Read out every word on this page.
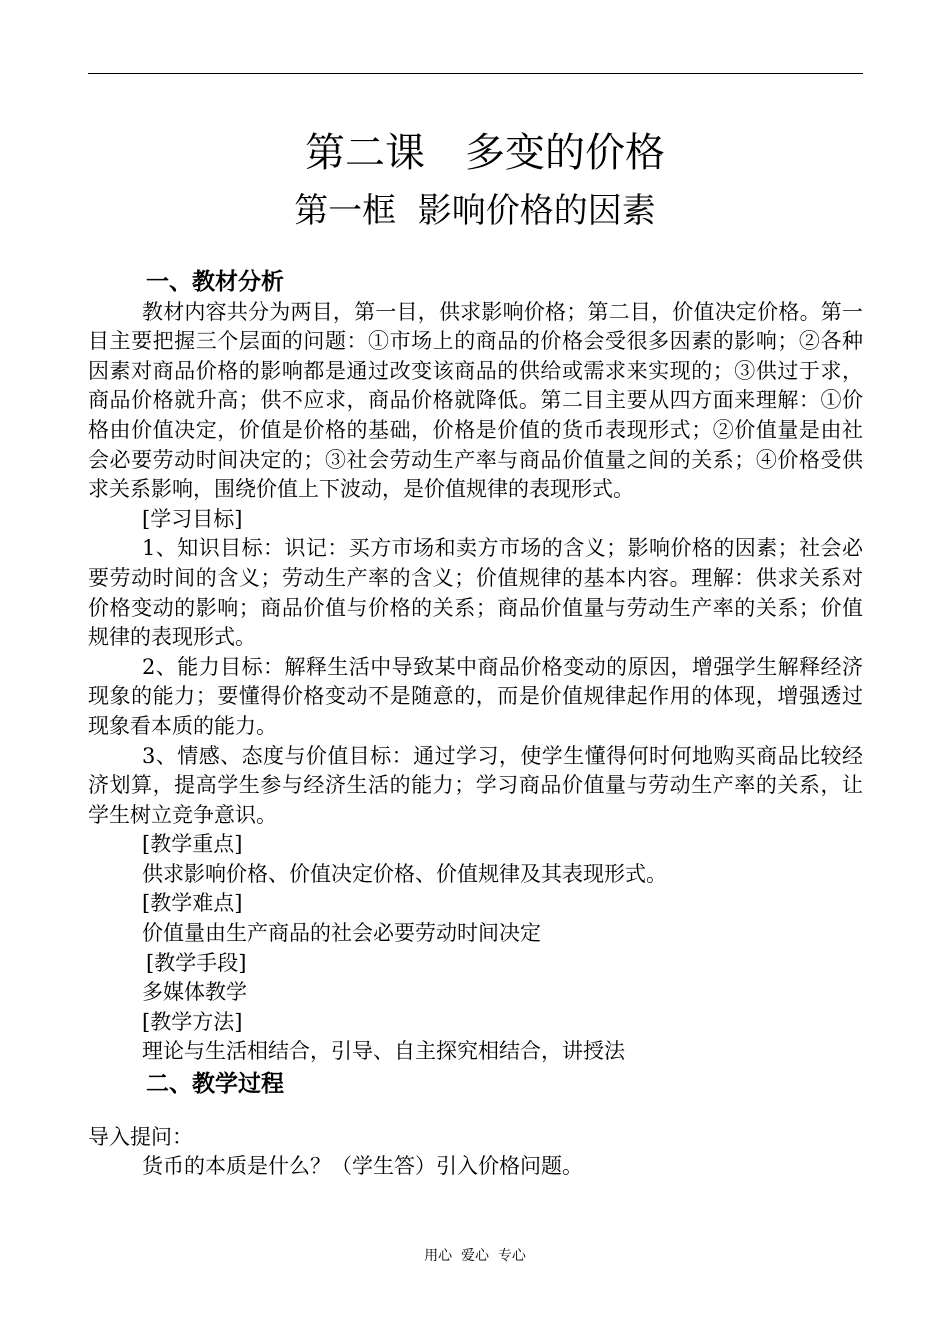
第二课　多变的价格
第一框  影响价格的因素

一、教材分析

教材内容共分为两目，第一目，供求影响价格；第二目，价值决定价格。第一目主要把握三个层面的问题：①市场上的商品的价格会受很多因素的影响；②各种因素对商品价格的影响都是通过改变该商品的供给或需求来实现的；③供过于求，商品价格就升高；供不应求，商品价格就降低。第二目主要从四方面来理解：①价格由价值决定，价值是价格的基础，价格是价值的货币表现形式；②价值量是由社会必要劳动时间决定的；③社会劳动生产率与商品价值量之间的关系；④价格受供求关系影响，围绕价值上下波动，是价值规律的表现形式。

[学习目标]

1、知识目标：识记：买方市场和卖方市场的含义；影响价格的因素；社会必要劳动时间的含义；劳动生产率的含义；价值规律的基本内容。理解：供求关系对价格变动的影响；商品价值与价格的关系；商品价值量与劳动生产率的关系；价值规律的表现形式。

2、能力目标：解释生活中导致某中商品价格变动的原因，增强学生解释经济现象的能力；要懂得价格变动不是随意的，而是价值规律起作用的体现，增强透过现象看本质的能力。

3、情感、态度与价值目标：通过学习，使学生懂得何时何地购买商品比较经济划算，提高学生参与经济生活的能力；学习商品价值量与劳动生产率的关系，让学生树立竞争意识。

[教学重点]

供求影响价格、价值决定价格、价值规律及其表现形式。

[教学难点]

价值量由生产商品的社会必要劳动时间决定

[教学手段]

多媒体教学

[教学方法]

理论与生活相结合，引导、自主探究相结合，讲授法

二、教学过程

导入提问：

货币的本质是什么？（学生答）引入价格问题。

用心  爱心  专心
